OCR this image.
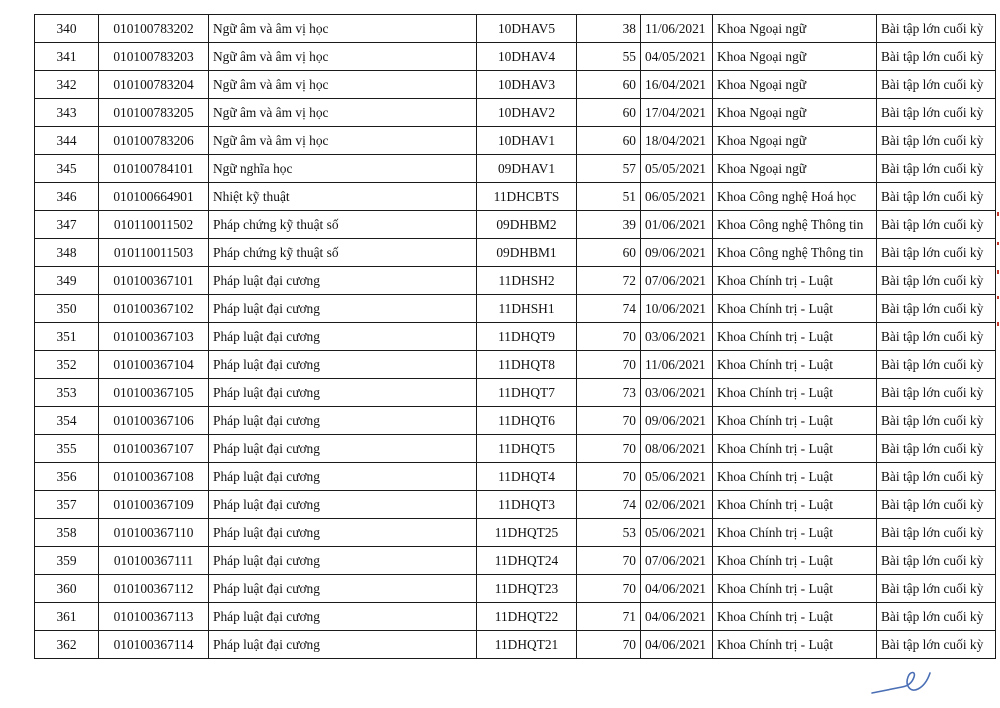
340	010100783202	Ngữ âm và âm vị học	10DHAV5	38	11/06/2021	Khoa Ngoại ngữ	Bài tập lớn cuối kỳ
341	010100783203	Ngữ âm và âm vị học	10DHAV4	55	04/05/2021	Khoa Ngoại ngữ	Bài tập lớn cuối kỳ
342	010100783204	Ngữ âm và âm vị học	10DHAV3	60	16/04/2021	Khoa Ngoại ngữ	Bài tập lớn cuối kỳ
343	010100783205	Ngữ âm và âm vị học	10DHAV2	60	17/04/2021	Khoa Ngoại ngữ	Bài tập lớn cuối kỳ
344	010100783206	Ngữ âm và âm vị học	10DHAV1	60	18/04/2021	Khoa Ngoại ngữ	Bài tập lớn cuối kỳ
345	010100784101	Ngữ nghĩa học	09DHAV1	57	05/05/2021	Khoa Ngoại ngữ	Bài tập lớn cuối kỳ
346	010100664901	Nhiệt kỹ thuật	11DHCBTS	51	06/05/2021	Khoa Công nghệ Hoá học	Bài tập lớn cuối kỳ
347	010110011502	Pháp chứng kỹ thuật số	09DHBM2	39	01/06/2021	Khoa Công nghệ Thông tin	Bài tập lớn cuối kỳ
348	010110011503	Pháp chứng kỹ thuật số	09DHBM1	60	09/06/2021	Khoa Công nghệ Thông tin	Bài tập lớn cuối kỳ
349	010100367101	Pháp luật đại cương	11DHSH2	72	07/06/2021	Khoa Chính trị - Luật	Bài tập lớn cuối kỳ
350	010100367102	Pháp luật đại cương	11DHSH1	74	10/06/2021	Khoa Chính trị - Luật	Bài tập lớn cuối kỳ
351	010100367103	Pháp luật đại cương	11DHQT9	70	03/06/2021	Khoa Chính trị - Luật	Bài tập lớn cuối kỳ
352	010100367104	Pháp luật đại cương	11DHQT8	70	11/06/2021	Khoa Chính trị - Luật	Bài tập lớn cuối kỳ
353	010100367105	Pháp luật đại cương	11DHQT7	73	03/06/2021	Khoa Chính trị - Luật	Bài tập lớn cuối kỳ
354	010100367106	Pháp luật đại cương	11DHQT6	70	09/06/2021	Khoa Chính trị - Luật	Bài tập lớn cuối kỳ
355	010100367107	Pháp luật đại cương	11DHQT5	70	08/06/2021	Khoa Chính trị - Luật	Bài tập lớn cuối kỳ
356	010100367108	Pháp luật đại cương	11DHQT4	70	05/06/2021	Khoa Chính trị - Luật	Bài tập lớn cuối kỳ
357	010100367109	Pháp luật đại cương	11DHQT3	74	02/06/2021	Khoa Chính trị - Luật	Bài tập lớn cuối kỳ
358	010100367110	Pháp luật đại cương	11DHQT25	53	05/06/2021	Khoa Chính trị - Luật	Bài tập lớn cuối kỳ
359	010100367111	Pháp luật đại cương	11DHQT24	70	07/06/2021	Khoa Chính trị - Luật	Bài tập lớn cuối kỳ
360	010100367112	Pháp luật đại cương	11DHQT23	70	04/06/2021	Khoa Chính trị - Luật	Bài tập lớn cuối kỳ
361	010100367113	Pháp luật đại cương	11DHQT22	71	04/06/2021	Khoa Chính trị - Luật	Bài tập lớn cuối kỳ
362	010100367114	Pháp luật đại cương	11DHQT21	70	04/06/2021	Khoa Chính trị - Luật	Bài tập lớn cuối kỳ
